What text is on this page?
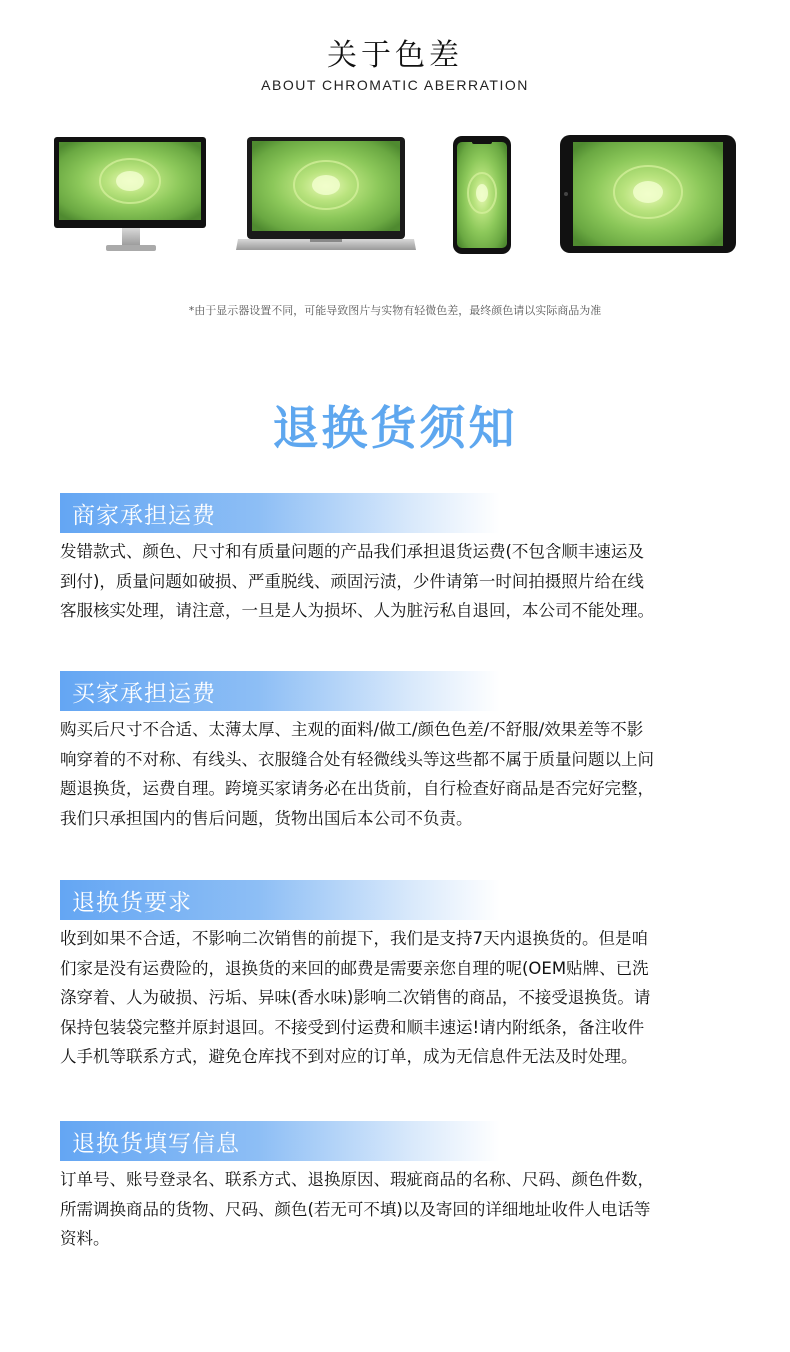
关于色差
ABOUT CHROMATIC ABERRATION
*由于显示器设置不同，可能导致图片与实物有轻微色差，最终颜色请以实际商品为准
退换货须知
商家承担运费
发错款式、颜色、尺寸和有质量问题的产品我们承担退货运费(不包含顺丰速运及
到付)，质量问题如破损、严重脱线、顽固污渍，少件请第一时间拍摄照片给在线
客服核实处理，请注意，一旦是人为损坏、人为脏污私自退回，本公司不能处理。
买家承担运费
购买后尺寸不合适、太薄太厚、主观的面料/做工/颜色色差/不舒服/效果差等不影
响穿着的不对称、有线头、衣服缝合处有轻微线头等这些都不属于质量问题以上问
题退换货，运费自理。跨境买家请务必在出货前，自行检查好商品是否完好完整，
我们只承担国内的售后问题，货物出国后本公司不负责。
退换货要求
收到如果不合适，不影响二次销售的前提下，我们是支持7天内退换货的。但是咱
们家是没有运费险的，退换货的来回的邮费是需要亲您自理的呢(OEM贴牌、已洗
涤穿着、人为破损、污垢、异味(香水味)影响二次销售的商品，不接受退换货。请
保持包装袋完整并原封退回。不接受到付运费和顺丰速运!请内附纸条，备注收件
人手机等联系方式，避免仓库找不到对应的订单，成为无信息件无法及时处理。
退换货填写信息
订单号、账号登录名、联系方式、退换原因、瑕疵商品的名称、尺码、颜色件数，
所需调换商品的货物、尺码、颜色(若无可不填)以及寄回的详细地址收件人电话等
资料。
